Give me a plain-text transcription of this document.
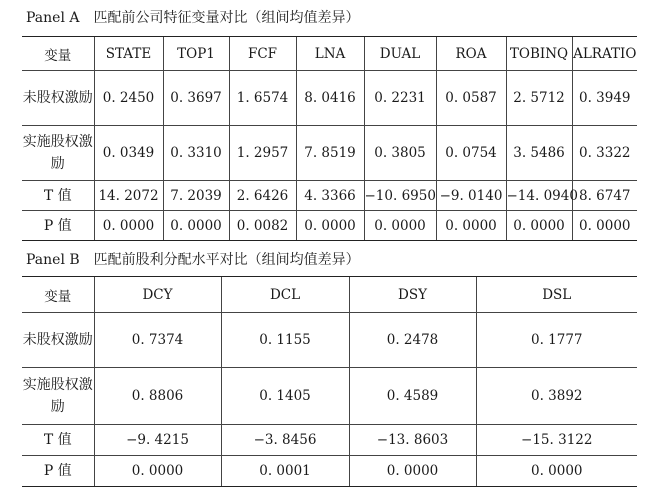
Panel A　匹配前公司特征变量对比（组间均值差异）
变量	STATE	TOP1	FCF	LNA	DUAL	ROA	TOBINQ	ALRATIO
未股权激励	0. 2450	0. 3697	1. 6574	8. 0416	0. 2231	0. 0587	2. 5712	0. 3949
实施股权激励	0. 0349	0. 3310	1. 2957	7. 8519	0. 3805	0. 0754	3. 5486	0. 3322
T 值	14. 2072	7. 2039	2. 6426	4. 3366	−10. 6950	−9. 0140	−14. 0940	8. 6747
P 值	0. 0000	0. 0000	0. 0082	0. 0000	0. 0000	0. 0000	0. 0000	0. 0000
Panel B　匹配前股利分配水平对比（组间均值差异）
变量	DCY	DCL	DSY	DSL
未股权激励	0. 7374	0. 1155	0. 2478	0. 1777
实施股权激励	0. 8806	0. 1405	0. 4589	0. 3892
T 值	−9. 4215	−3. 8456	−13. 8603	−15. 3122
P 值	0. 0000	0. 0001	0. 0000	0. 0000
